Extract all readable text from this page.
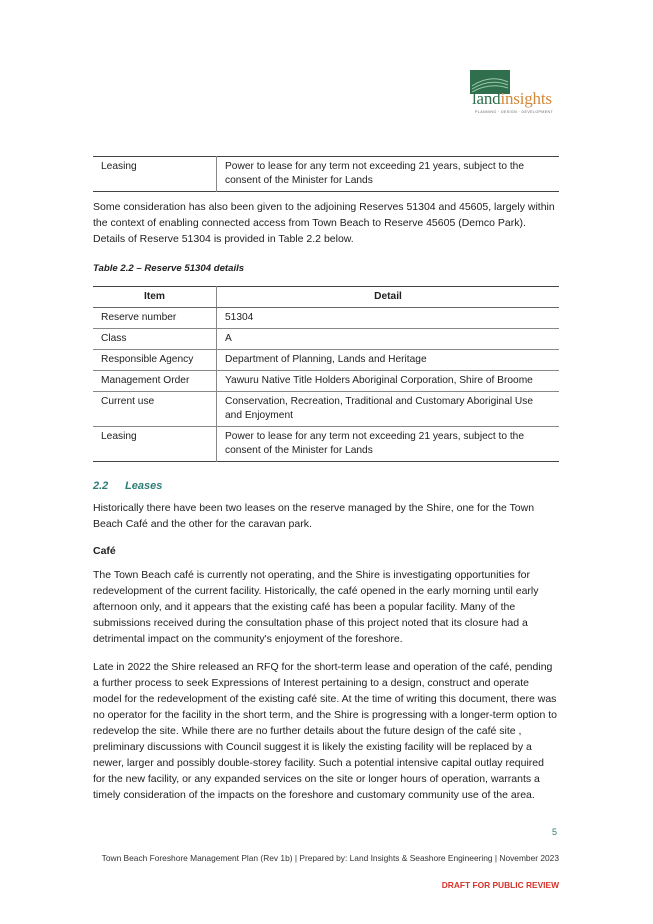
landinsights
PLANNING · DESIGN · DEVELOPMENT
Leasing	Power to lease for any term not exceeding 21 years, subject to the consent of the Minister for Lands

Some consideration has also been given to the adjoining Reserves 51304 and 45605, largely within the context of enabling connected access from Town Beach to Reserve 45605 (Demco Park). Details of Reserve 51304 is provided in Table 2.2 below.

Table 2.2 – Reserve 51304 details
Item	Detail
Reserve number	51304
Class	A
Responsible Agency	Department of Planning, Lands and Heritage
Management Order	Yawuru Native Title Holders Aboriginal Corporation, Shire of Broome
Current use	Conservation, Recreation, Traditional and Customary Aboriginal Use and Enjoyment
Leasing	Power to lease for any term not exceeding 21 years, subject to the consent of the Minister for Lands
2.2 Leases

Historically there have been two leases on the reserve managed by the Shire, one for the Town Beach Café and the other for the caravan park.

Café

The Town Beach café is currently not operating, and the Shire is investigating opportunities for redevelopment of the current facility. Historically, the café opened in the early morning until early afternoon only, and it appears that the existing café has been a popular facility. Many of the submissions received during the consultation phase of this project noted that its closure had a detrimental impact on the community's enjoyment of the foreshore.

Late in 2022 the Shire released an RFQ for the short-term lease and operation of the café, pending a further process to seek Expressions of Interest pertaining to a design, construct and operate model for the redevelopment of the existing café site. At the time of writing this document, there was no operator for the facility in the short term, and the Shire is progressing with a longer-term option to redevelop the site. While there are no further details about the future design of the café site , preliminary discussions with Council suggest it is likely the existing facility will be replaced by a newer, larger and possibly double-storey facility. Such a potential intensive capital outlay required for the new facility, or any expanded services on the site or longer hours of operation, warrants a timely consideration of the impacts on the foreshore and customary community use of the area.

5
Town Beach Foreshore Management Plan (Rev 1b) | Prepared by: Land Insights & Seashore Engineering | November 2023
DRAFT FOR PUBLIC REVIEW
